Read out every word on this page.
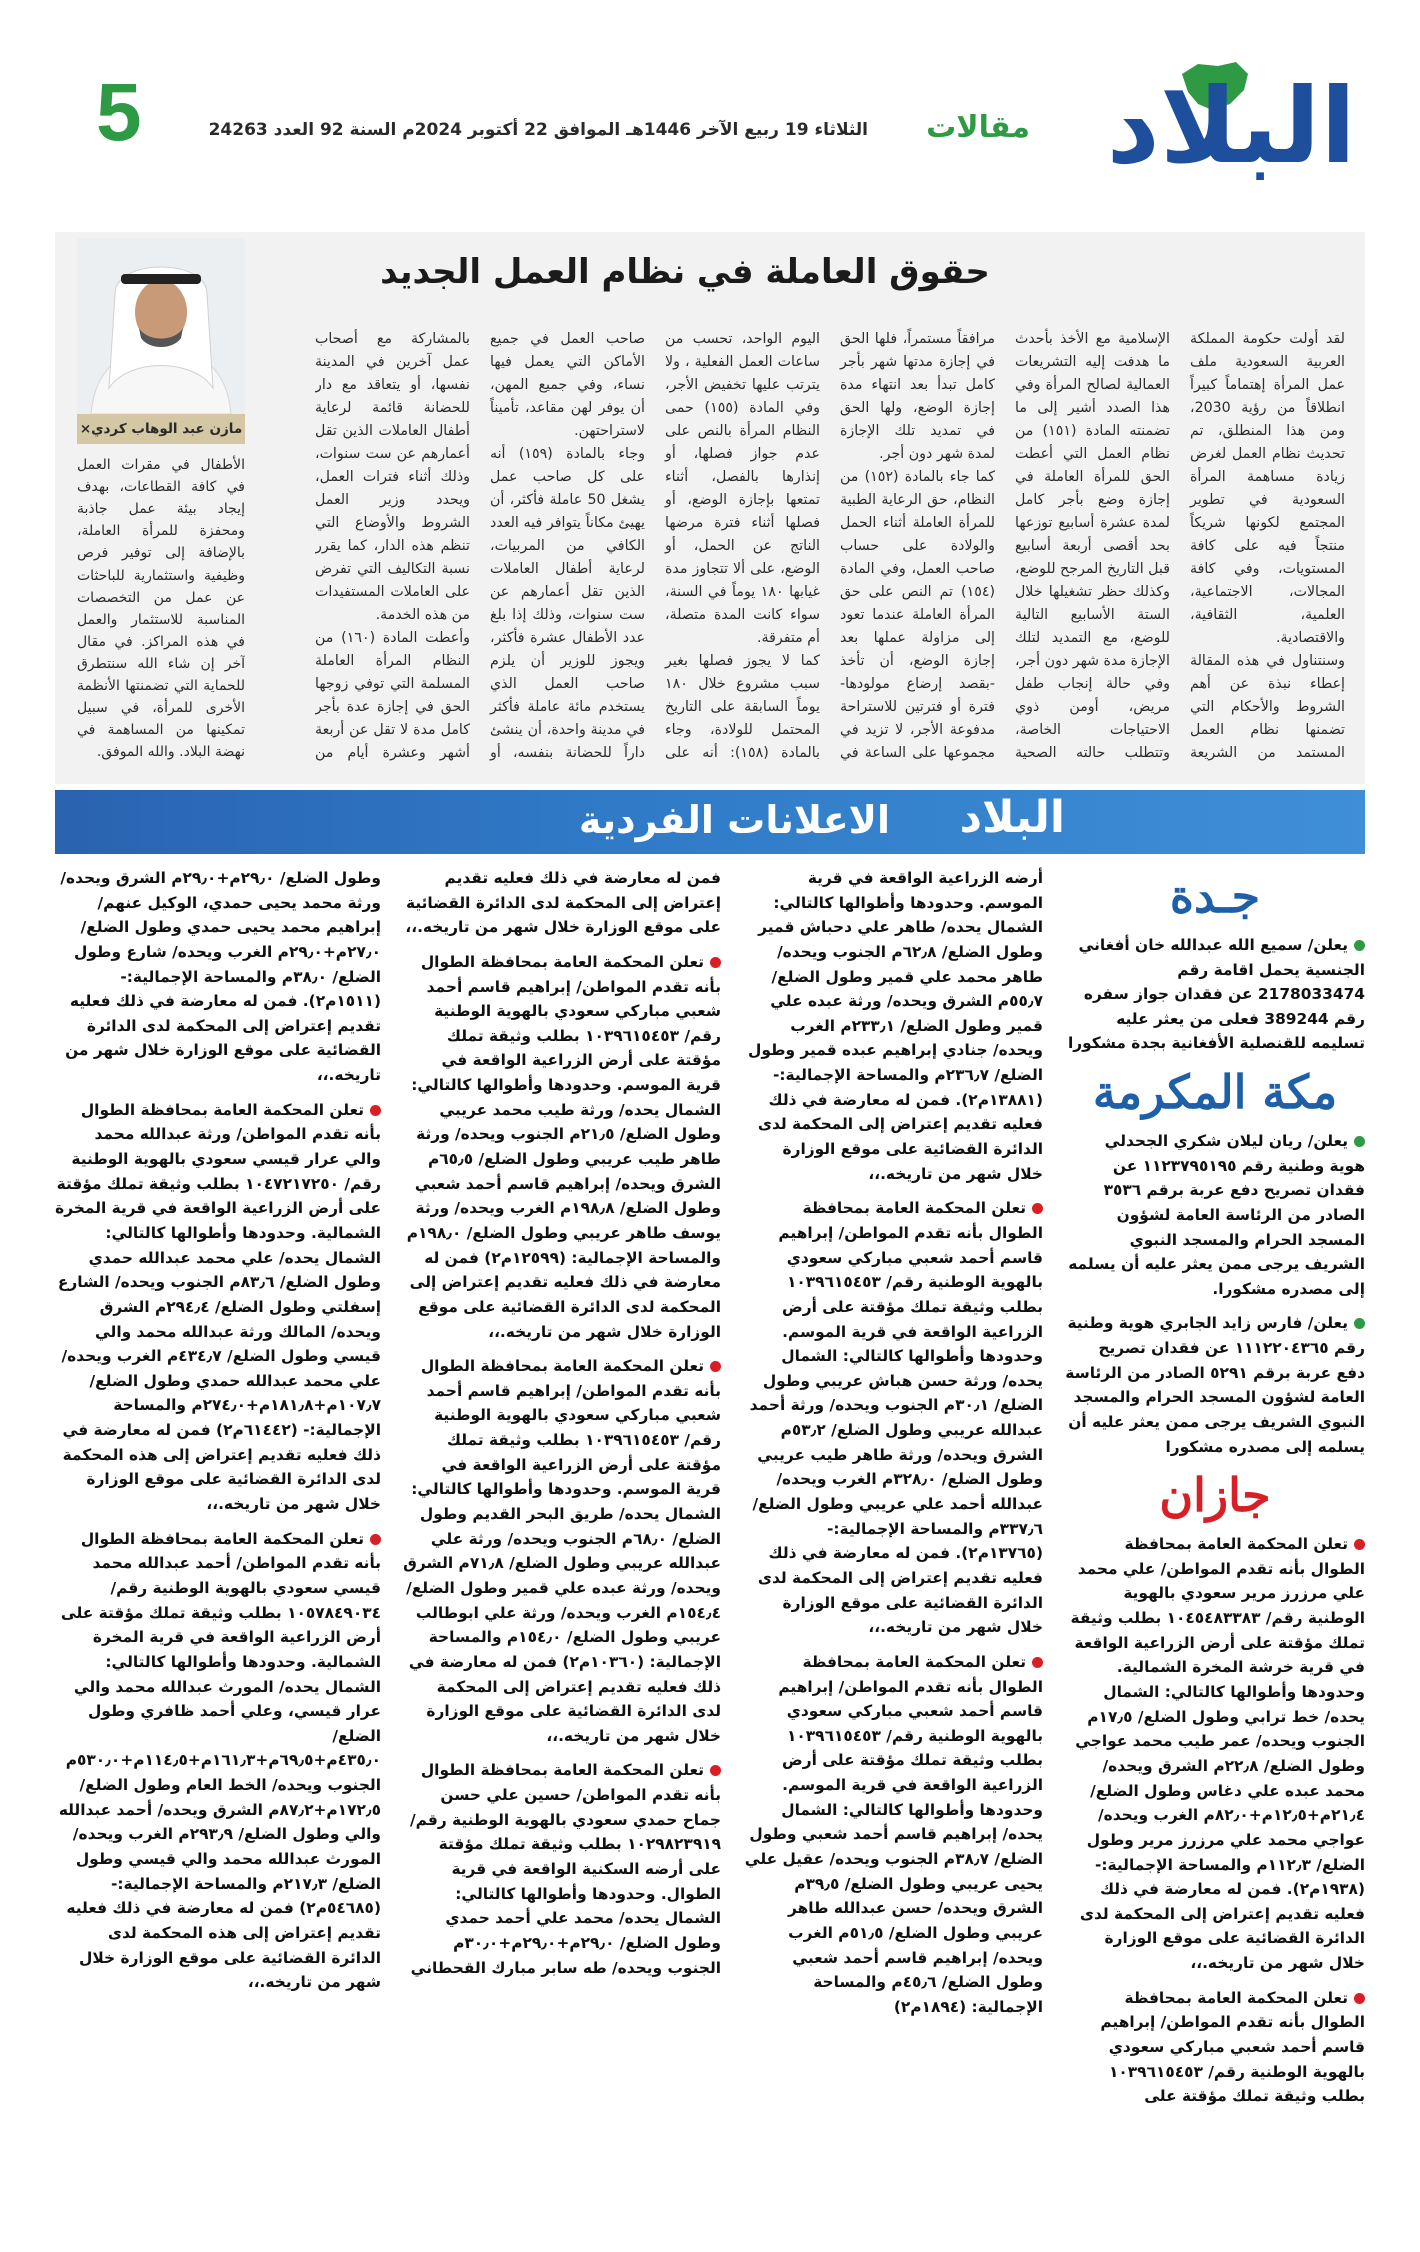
البلاد
مقالات
الثلاثاء 19 ربيع الآخر 1446هـ الموافق 22 أكتوبر 2024م السنة 92 العدد 24263
5
حقوق العاملة في نظام العمل الجديد

لقد أولت حكومة المملكة العربية السعودية ملف عمل المرأة إهتماماً كبيراً انطلاقاً من رؤية 2030، ومن هذا المنطلق، تم تحديث نظام العمل لغرض زيادة مساهمة المرأة السعودية في تطوير المجتمع لكونها شريكاً منتجاً فيه على كافة المستويات، وفي كافة المجالات، الاجتماعية، العلمية، الثقافية، والاقتصادية.

وسنتناول في هذه المقالة إعطاء نبذة عن أهم الشروط والأحكام التي تضمنها نظام العمل المستمد من الشريعة الإسلامية مع الأخذ بأحدث ما هدفت إليه التشريعات العمالية لصالح المرأة وفي هذا الصدد أشير إلى ما تضمنته المادة (١٥١) من نظام العمل التي أعطت الحق للمرأة العاملة في إجازة وضع بأجر كامل لمدة عشرة أسابيع توزعها بحد أقصى أربعة أسابيع قبل التاريخ المرجح للوضع، وكذلك حظر تشغيلها خلال الستة الأسابيع التالية للوضع، مع التمديد لتلك الإجازة مدة شهر دون أجر، وفي حالة إنجاب طفل مريض، أومن ذوي الاحتياجات الخاصة، وتتطلب حالته الصحية مرافقاً مستمراً، فلها الحق في إجازة مدتها شهر بأجر كامل تبدأ بعد انتهاء مدة إجازة الوضع، ولها الحق في تمديد تلك الإجازة لمدة شهر دون أجر.

كما جاء بالمادة (١٥٢) من النظام، حق الرعاية الطبية للمرأة العاملة أثناء الحمل والولادة على حساب صاحب العمل، وفي المادة (١٥٤) تم النص على حق المرأة العاملة عندما تعود إلى مزاولة عملها بعد إجازة الوضع، أن تأخذ -بقصد إرضاع مولودها- فترة أو فترتين للاستراحة مدفوعة الأجر، لا تزيد في مجموعها على الساعة في اليوم الواحد، تحسب من ساعات العمل الفعلية ، ولا يترتب عليها تخفيض الأجر، وفي المادة (١٥٥) حمى النظام المرأة بالنص على عدم جواز فصلها، أو إنذارها بالفصل، أثناء تمتعها بإجازة الوضع، أو فصلها أثناء فترة مرضها الناتج عن الحمل، أو الوضع، على ألا تتجاوز مدة غيابها ١٨٠ يوماً في السنة، سواء كانت المدة متصلة، أم متفرقة.

كما لا يجوز فصلها بغير سبب مشروع خلال ١٨٠ يوماً السابقة على التاريخ المحتمل للولادة، وجاء بالمادة (١٥٨): أنه على صاحب العمل في جميع الأماكن التي يعمل فيها نساء، وفي جميع المهن، أن يوفر لهن مقاعد، تأميناً لاستراحتهن.

وجاء بالمادة (١٥٩) أنه على كل صاحب عمل يشغل 50 عاملة فأكثر، أن يهيئ مكاناً يتوافر فيه العدد الكافي من المربيات، لرعاية أطفال العاملات الذين تقل أعمارهم عن ست سنوات، وذلك إذا بلغ عدد الأطفال عشرة فأكثر، ويجوز للوزير أن يلزم صاحب العمل الذي يستخدم مائة عاملة فأكثر في مدينة واحدة، أن ينشئ داراً للحضانة بنفسه، أو بالمشاركة مع أصحاب عمل آخرين في المدينة نفسها، أو يتعاقد مع دار للحضانة قائمة لرعاية أطفال العاملات الذين تقل أعمارهم عن ست سنوات، وذلك أثناء فترات العمل، ويحدد وزير العمل الشروط والأوضاع التي تنظم هذه الدار، كما يقرر نسبة التكاليف التي تفرض على العاملات المستفيدات من هذه الخدمة.

وأعطت المادة (١٦٠) من النظام المرأة العاملة المسلمة التي توفي زوجها الحق في إجازة عدة بأجر كامل مدة لا تقل عن أربعة أشهر وعشرة أيام من

مازن عبد الوهاب كردي×

الأطفال في مقرات العمل في كافة القطاعات، بهدف إيجاد بيئة عمل جاذبة ومحفزة للمرأة العاملة، بالإضافة إلى توفير فرص وظيفية واستثمارية للباحثات عن عمل من التخصصات المناسبة للاستثمار والعمل في هذه المراكز. في مقال آخر إن شاء الله سنتطرق للحماية التي تضمنتها الأنظمة الأخرى للمرأة، في سبيل تمكينها من المساهمة في نهضة البلاد. والله الموفق.

البلاد
الاعلانات الفردية
جـدة
يعلن/ سميع الله عبدالله خان أفغاني الجنسية يحمل اقامة رقم 2178033474 عن فقدان جواز سفره رقم 389244 فعلى من يعثر عليه تسليمه للقنصلية الأفغانية بجدة مشكورا
مكة المكرمة
يعلن/ ريان ليلان شكري الجحدلي هوية وطنية رقم ١١٢٣٧٩٥١٩٥ عن فقدان تصريح دفع عربة برقم ٣٥٣٦ الصادر من الرئاسة العامة لشؤون المسجد الحرام والمسجد النبوي الشريف يرجى ممن يعثر عليه أن يسلمه إلى مصدره مشكورا.
يعلن/ فارس زايد الجابري هوية وطنية رقم ١١١٢٢٠٤٣٦٥ عن فقدان تصريح دفع عربة برقم ٥٢٩١ الصادر من الرئاسة العامة لشؤون المسجد الحرام والمسجد النبوي الشريف يرجى ممن يعثر عليه أن يسلمه إلى مصدره مشكورا
جازان
تعلن المحكمة العامة بمحافظة الطوال بأنه تقدم المواطن/ علي محمد علي مرزرز مرير سعودي بالهوية الوطنية رقم/ ١٠٤٥٤٨٣٣٨٣ بطلب وثيقة تملك مؤقتة على أرض الزراعية الواقعة في قرية خرشة المخرة الشمالية. وحدودها وأطوالها كالتالي: الشمال يحده/ خط ترابي وطول الضلع/ ١٧٫٥م الجنوب ويحده/ عمر طيب محمد عواجي وطول الضلع/ ٢٢٫٨م الشرق ويحده/ محمد عبده علي دغاس وطول الضلع/ ٢١٫٤م+١٢٫٥م+٨٢٫٠م الغرب ويحده/ عواجي محمد علي مرزرز مرير وطول الضلع/ ١١٢٫٣م والمساحة الإجمالية:- (١٩٣٨م٢). فمن له معارضة في ذلك فعليه تقديم إعتراض إلى المحكمة لدى الدائرة القضائية على موقع الوزارة خلال شهر من تاريخه.،،
تعلن المحكمة العامة بمحافظة الطوال بأنه تقدم المواطن/ إبراهيم قاسم أحمد شعبي مباركي سعودي بالهوية الوطنية رقم/ ١٠٣٩٦١٥٤٥٣ بطلب وثيقة تملك مؤقتة على
أرضه الزراعية الواقعة في قرية الموسم. وحدودها وأطوالها كالتالي: الشمال يحده/ طاهر علي دحباش قمير وطول الضلع/ ٦٢٫٨م الجنوب ويحده/ طاهر محمد علي قمير وطول الضلع/ ٥٥٫٧م الشرق ويحده/ ورثة عبده علي قمير وطول الضلع/ ٢٣٣٫١م الغرب ويحده/ جنادي إبراهيم عبده قمير وطول الضلع/ ٢٣٦٫٧م والمساحة الإجمالية:- (١٣٨٨١م٢). فمن له معارضة في ذلك فعليه تقديم إعتراض إلى المحكمة لدى الدائرة القضائية على موقع الوزارة خلال شهر من تاريخه.،،
تعلن المحكمة العامة بمحافظة الطوال بأنه تقدم المواطن/ إبراهيم قاسم أحمد شعبي مباركي سعودي بالهوية الوطنية رقم/ ١٠٣٩٦١٥٤٥٣ بطلب وثيقة تملك مؤقتة على أرض الزراعية الواقعة في قرية الموسم. وحدودها وأطوالها كالتالي: الشمال يحده/ ورثة حسن هباش عريبي وطول الضلع/ ٣٠٫١م الجنوب ويحده/ ورثة أحمد عبدالله عريبي وطول الضلع/ ٥٣٫٢م الشرق ويحده/ ورثة طاهر طيب عريبي وطول الضلع/ ٣٢٨٫٠م الغرب ويحده/ عبدالله أحمد علي عريبي وطول الضلع/ ٣٣٧٫٦م والمساحة الإجمالية:- (١٣٧٦٥م٢). فمن له معارضة في ذلك فعليه تقديم إعتراض إلى المحكمة لدى الدائرة القضائية على موقع الوزارة خلال شهر من تاريخه.،،
تعلن المحكمة العامة بمحافظة الطوال بأنه تقدم المواطن/ إبراهيم قاسم أحمد شعبي مباركي سعودي بالهوية الوطنية رقم/ ١٠٣٩٦١٥٤٥٣ بطلب وثيقة تملك مؤقتة على أرض الزراعية الواقعة في قرية الموسم. وحدودها وأطوالها كالتالي: الشمال يحده/ إبراهيم قاسم أحمد شعبي وطول الضلع/ ٣٨٫٧م الجنوب ويحده/ عقيل علي يحيى عريبي وطول الضلع/ ٣٩٫٥م الشرق ويحده/ حسن عبدالله طاهر عريبي وطول الضلع/ ٥١٫٥م الغرب ويحده/ إبراهيم قاسم أحمد شعبي وطول الضلع/ ٤٥٫٦م والمساحة الإجمالية: (١٨٩٤م٢)
فمن له معارضة في ذلك فعليه تقديم إعتراض إلى المحكمة لدى الدائرة القضائية على موقع الوزارة خلال شهر من تاريخه.،،
تعلن المحكمة العامة بمحافظة الطوال بأنه تقدم المواطن/ إبراهيم قاسم أحمد شعبي مباركي سعودي بالهوية الوطنية رقم/ ١٠٣٩٦١٥٤٥٣ بطلب وثيقة تملك مؤقتة على أرض الزراعية الواقعة في قرية الموسم. وحدودها وأطوالها كالتالي: الشمال يحده/ ورثة طيب محمد عريبي وطول الضلع/ ٢١٫٥م الجنوب ويحده/ ورثة طاهر طيب عريبي وطول الضلع/ ٦٥٫٥م الشرق ويحده/ إبراهيم قاسم أحمد شعبي وطول الضلع/ ١٩٨٫٨م الغرب ويحده/ ورثة يوسف طاهر عريبي وطول الضلع/ ١٩٨٫٠م والمساحة الإجمالية: (١٢٥٩٩م٢) فمن له معارضة في ذلك فعليه تقديم إعتراض إلى المحكمة لدى الدائرة القضائية على موقع الوزارة خلال شهر من تاريخه.،،
تعلن المحكمة العامة بمحافظة الطوال بأنه تقدم المواطن/ إبراهيم قاسم أحمد شعبي مباركي سعودي بالهوية الوطنية رقم/ ١٠٣٩٦١٥٤٥٣ بطلب وثيقة تملك مؤقتة على أرض الزراعية الواقعة في قرية الموسم. وحدودها وأطوالها كالتالي: الشمال يحده/ طريق البحر القديم وطول الضلع/ ٦٨٫٠م الجنوب ويحده/ ورثة علي عبدالله عريبي وطول الضلع/ ٧١٫٨م الشرق ويحده/ ورثة عبده علي قمير وطول الضلع/ ١٥٤٫٤م الغرب ويحده/ ورثة علي ابوطالب عريبي وطول الضلع/ ١٥٤٫٠م والمساحة الإجمالية: (١٠٣٦٠م٢) فمن له معارضة في ذلك فعليه تقديم إعتراض إلى المحكمة لدى الدائرة القضائية على موقع الوزارة خلال شهر من تاريخه.،،
تعلن المحكمة العامة بمحافظة الطوال بأنه تقدم المواطن/ حسين علي حسن جماح حمدي سعودي بالهوية الوطنية رقم/ ١٠٢٩٨٢٣٩١٩ بطلب وثيقة تملك مؤقتة على أرضه السكنية الواقعة في قرية الطوال. وحدودها وأطوالها كالتالي: الشمال يحده/ محمد علي أحمد حمدي وطول الضلع/ ٢٩٫٠م+٢٩٫٠م+٣٠٫٠م الجنوب ويحده/ طه سابر مبارك القحطاني
وطول الضلع/ ٢٩٫٠م+٢٩٫٠م الشرق ويحده/ ورثة محمد يحيى حمدي، الوكيل عنهم/ إبراهيم محمد يحيى حمدي وطول الضلع/ ٢٧٫٠م+٢٩٫٠م الغرب ويحده/ شارع وطول الضلع/ ٣٨٫٠م والمساحة الإجمالية:- (١٥١١م٢). فمن له معارضة في ذلك فعليه تقديم إعتراض إلى المحكمة لدى الدائرة القضائية على موقع الوزارة خلال شهر من تاريخه.،،
تعلن المحكمة العامة بمحافظة الطوال بأنه تقدم المواطن/ ورثة عبدالله محمد والي عرار قيسي سعودي بالهوية الوطنية رقم/ ١٠٤٧٢١٧٢٥٠ بطلب وثيقة تملك مؤقتة على أرض الزراعية الواقعة في قرية المخرة الشمالية. وحدودها وأطوالها كالتالي: الشمال يحده/ علي محمد عبدالله حمدي وطول الضلع/ ٨٣٫٦م الجنوب ويحده/ الشارع إسفلتي وطول الضلع/ ٢٩٤٫٤م الشرق ويحده/ المالك ورثة عبدالله محمد والي قيسي وطول الضلع/ ٤٣٤٫٧م الغرب ويحده/ علي محمد عبدالله حمدي وطول الضلع/ ١٠٧٫٧م+١٨١٫٨م+٢٧٤٫٠م والمساحة الإجمالية:- (٦١٤٤٢م٢) فمن له معارضة في ذلك فعليه تقديم إعتراض إلى هذه المحكمة لدى الدائرة القضائية على موقع الوزارة خلال شهر من تاريخه.،،
تعلن المحكمة العامة بمحافظة الطوال بأنه تقدم المواطن/ أحمد عبدالله محمد قيسي سعودي بالهوية الوطنية رقم/ ١٠٥٧٨٤٩٠٣٤ بطلب وثيقة تملك مؤقتة على أرض الزراعية الواقعة في قرية المخرة الشمالية. وحدودها وأطوالها كالتالي: الشمال يحده/ المورث عبدالله محمد والي عرار قيسي، وعلي أحمد ظافري وطول الضلع/ ٤٣٥٫٠م+٦٩٫٥م+١٦١٫٣م+١١٤٫٥م+٥٣٠٫٠م الجنوب ويحده/ الخط العام وطول الضلع/ ١٧٢٫٥م+٨٧٫٢م الشرق ويحده/ أحمد عبدالله والي وطول الضلع/ ٢٩٣٫٩م الغرب ويحده/ المورث عبدالله محمد والي قيسي وطول الضلع/ ٢١٧٫٣م والمساحة الإجمالية:- (٥٤٦٨٥م٢) فمن له معارضة في ذلك فعليه تقديم إعتراض إلى هذه المحكمة لدى الدائرة القضائية على موقع الوزارة خلال شهر من تاريخه.،،
